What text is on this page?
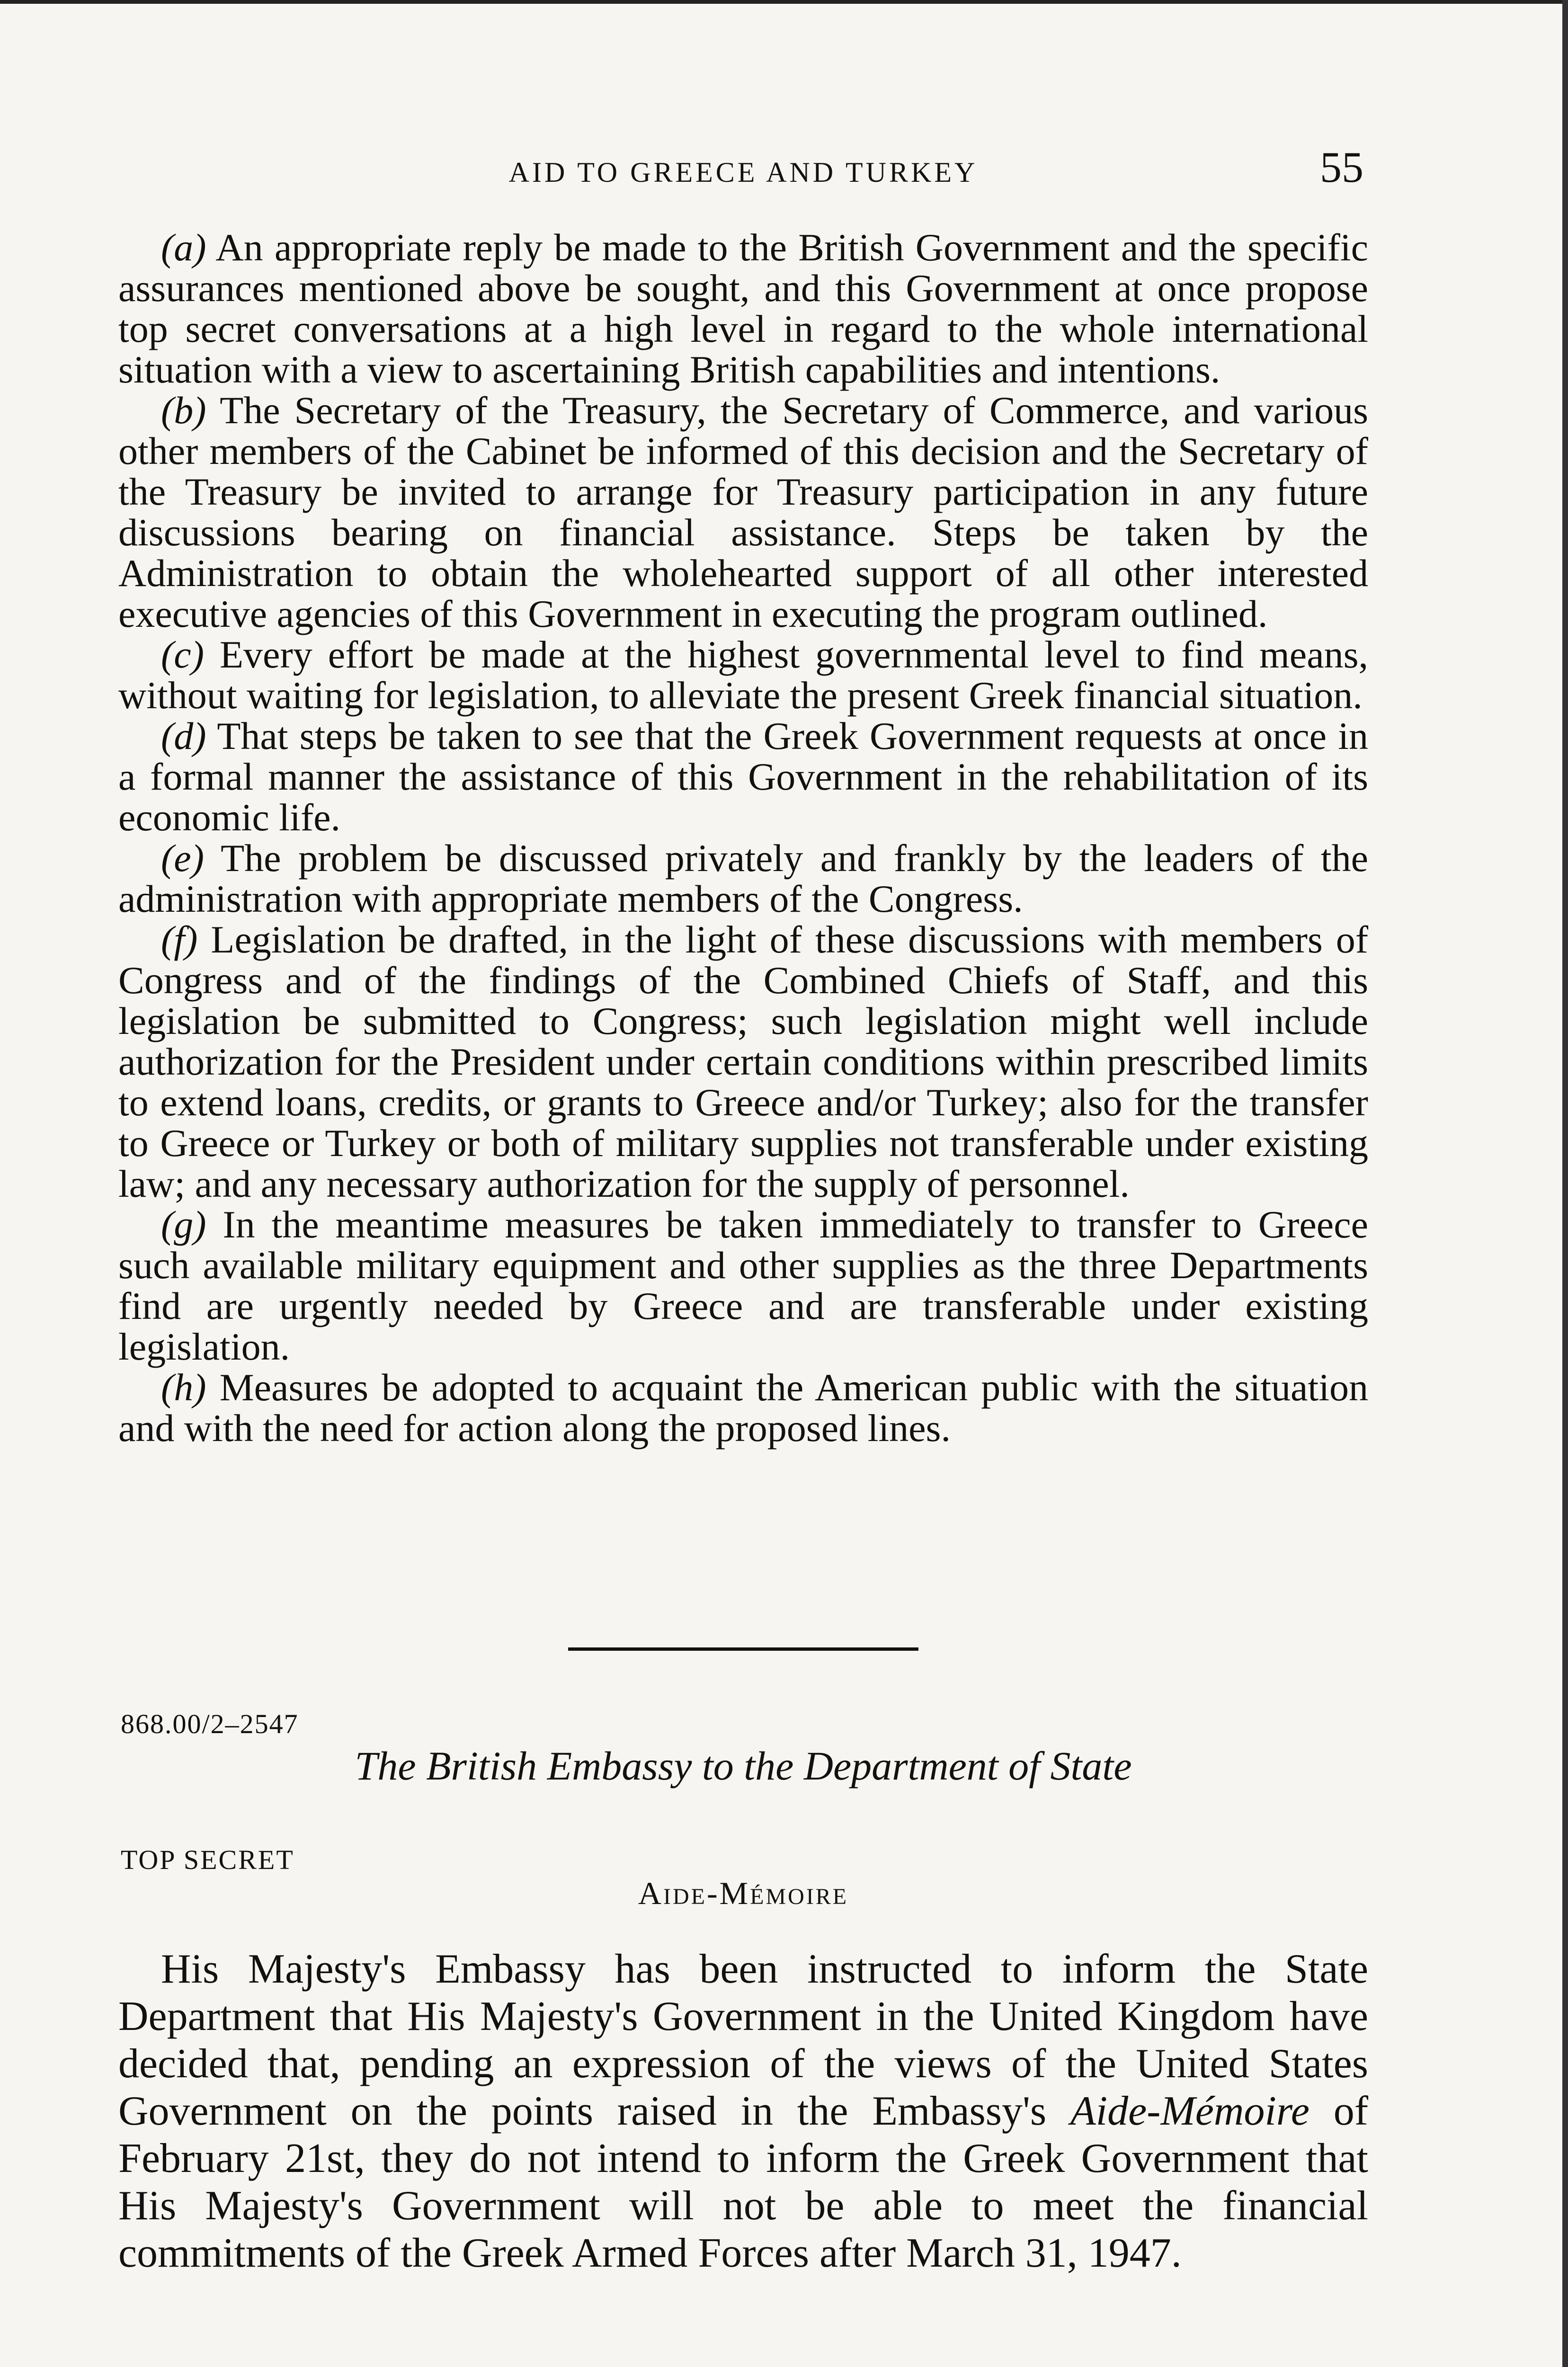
AID TO GREECE AND TURKEY	55

(a) An appropriate reply be made to the British Government and the specific assurances mentioned above be sought, and this Government at once propose top secret conversations at a high level in regard to the whole international situation with a view to ascertaining British capabilities and intentions.

(b) The Secretary of the Treasury, the Secretary of Commerce, and various other members of the Cabinet be informed of this decision and the Secretary of the Treasury be invited to arrange for Treasury participation in any future discussions bearing on financial assistance. Steps be taken by the Administration to obtain the wholehearted support of all other interested executive agencies of this Government in executing the program outlined.

(c) Every effort be made at the highest governmental level to find means, without waiting for legislation, to alleviate the present Greek financial situation.

(d) That steps be taken to see that the Greek Government requests at once in a formal manner the assistance of this Government in the rehabilitation of its economic life.

(e) The problem be discussed privately and frankly by the leaders of the administration with appropriate members of the Congress.

(f) Legislation be drafted, in the light of these discussions with members of Congress and of the findings of the Combined Chiefs of Staff, and this legislation be submitted to Congress; such legislation might well include authorization for the President under certain conditions within prescribed limits to extend loans, credits, or grants to Greece and/or Turkey; also for the transfer to Greece or Turkey or both of military supplies not transferable under existing law; and any necessary authorization for the supply of personnel.

(g) In the meantime measures be taken immediately to transfer to Greece such available military equipment and other supplies as the three Departments find are urgently needed by Greece and are transferable under existing legislation.

(h) Measures be adopted to acquaint the American public with the situation and with the need for action along the proposed lines.

868.00/2–2547
The British Embassy to the Department of State
TOP SECRET
Aide-Mémoire

His Majesty's Embassy has been instructed to inform the State Department that His Majesty's Government in the United Kingdom have decided that, pending an expression of the views of the United States Government on the points raised in the Embassy's Aide-Mémoire of February 21st, they do not intend to inform the Greek Government that His Majesty's Government will not be able to meet the financial commitments of the Greek Armed Forces after March 31, 1947.
